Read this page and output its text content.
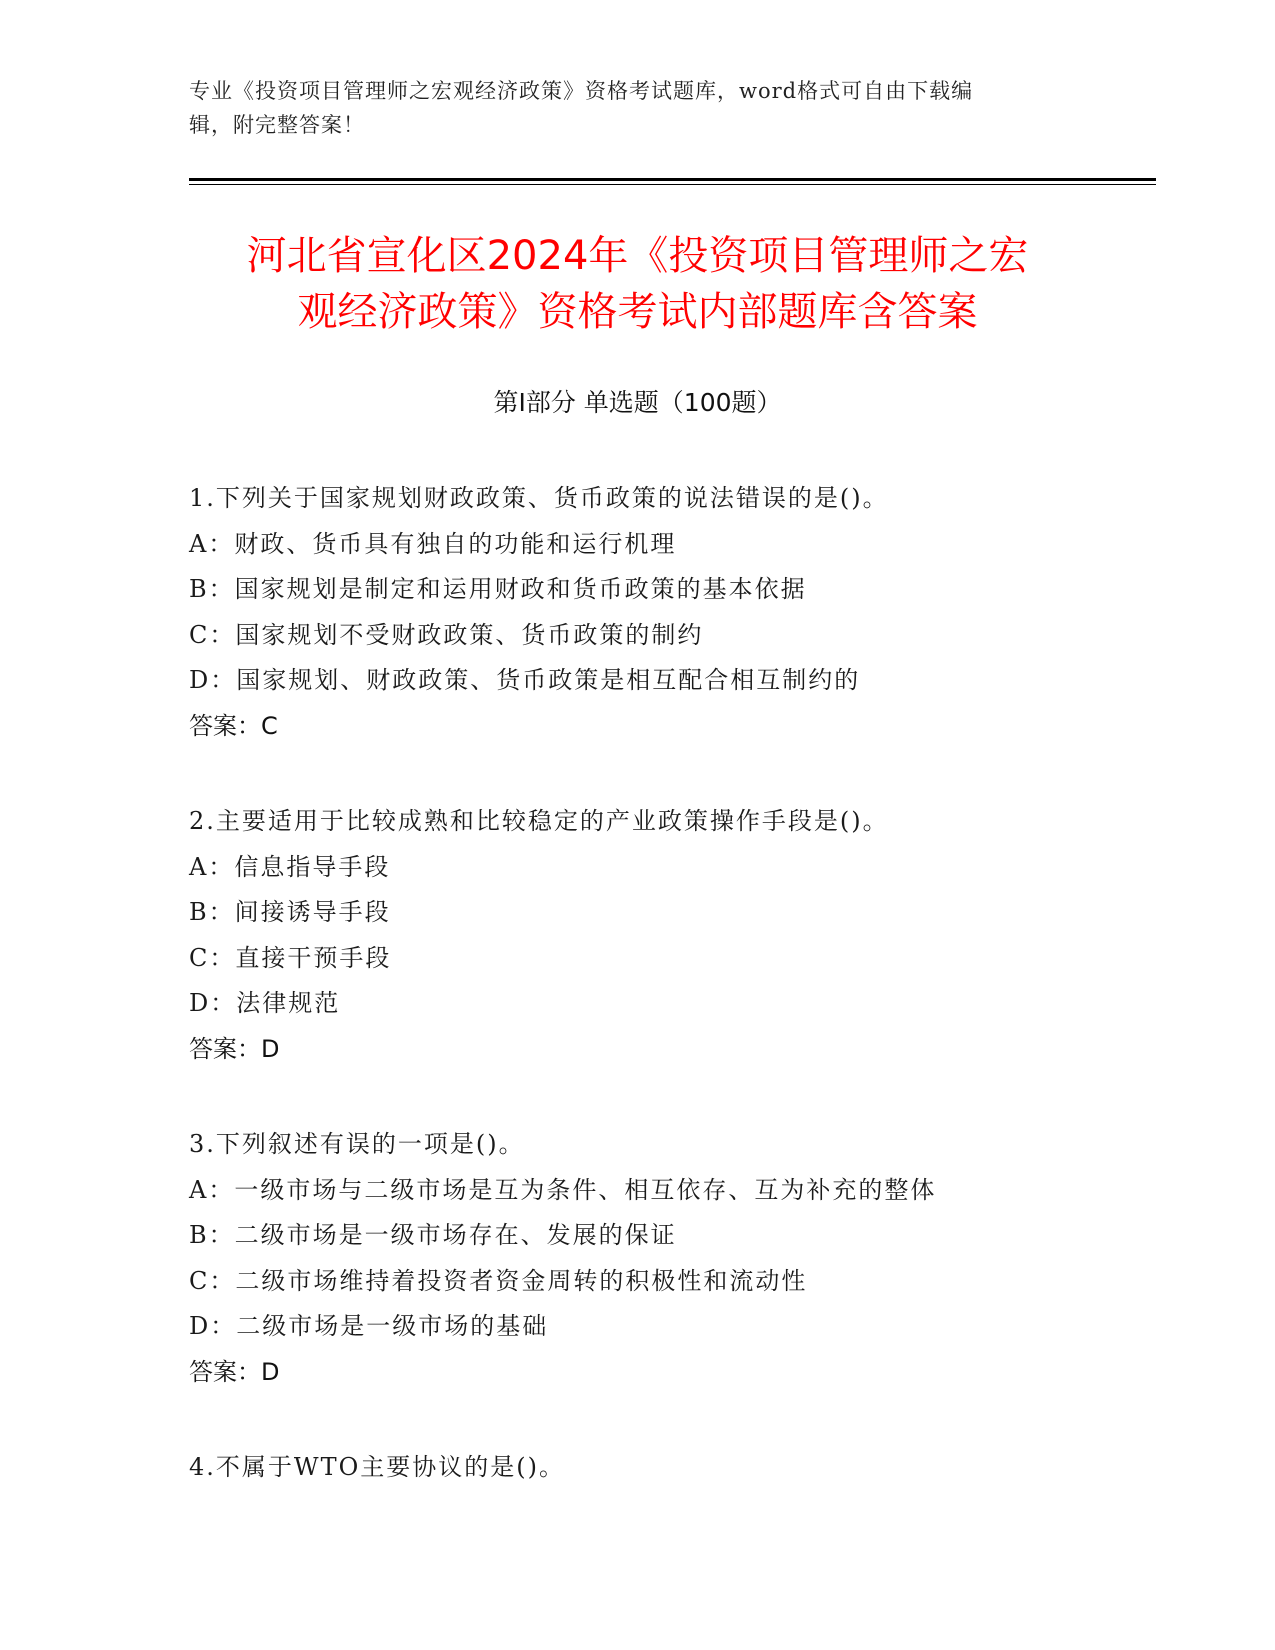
专业《投资项目管理师之宏观经济政策》资格考试题库，word格式可自由下载编
辑，附完整答案！
河北省宣化区2024年《投资项目管理师之宏
观经济政策》资格考试内部题库含答案
第Ⅰ部分 单选题（100题）
1.下列关于国家规划财政政策、货币政策的说法错误的是()。
A：财政、货币具有独自的功能和运行机理
B：国家规划是制定和运用财政和货币政策的基本依据
C：国家规划不受财政政策、货币政策的制约
D：国家规划、财政政策、货币政策是相互配合相互制约的
答案：C
2.主要适用于比较成熟和比较稳定的产业政策操作手段是()。
A：信息指导手段
B：间接诱导手段
C：直接干预手段
D：法律规范
答案：D
3.下列叙述有误的一项是()。
A：一级市场与二级市场是互为条件、相互依存、互为补充的整体
B：二级市场是一级市场存在、发展的保证
C：二级市场维持着投资者资金周转的积极性和流动性
D：二级市场是一级市场的基础
答案：D
4.不属于WTO主要协议的是()。
